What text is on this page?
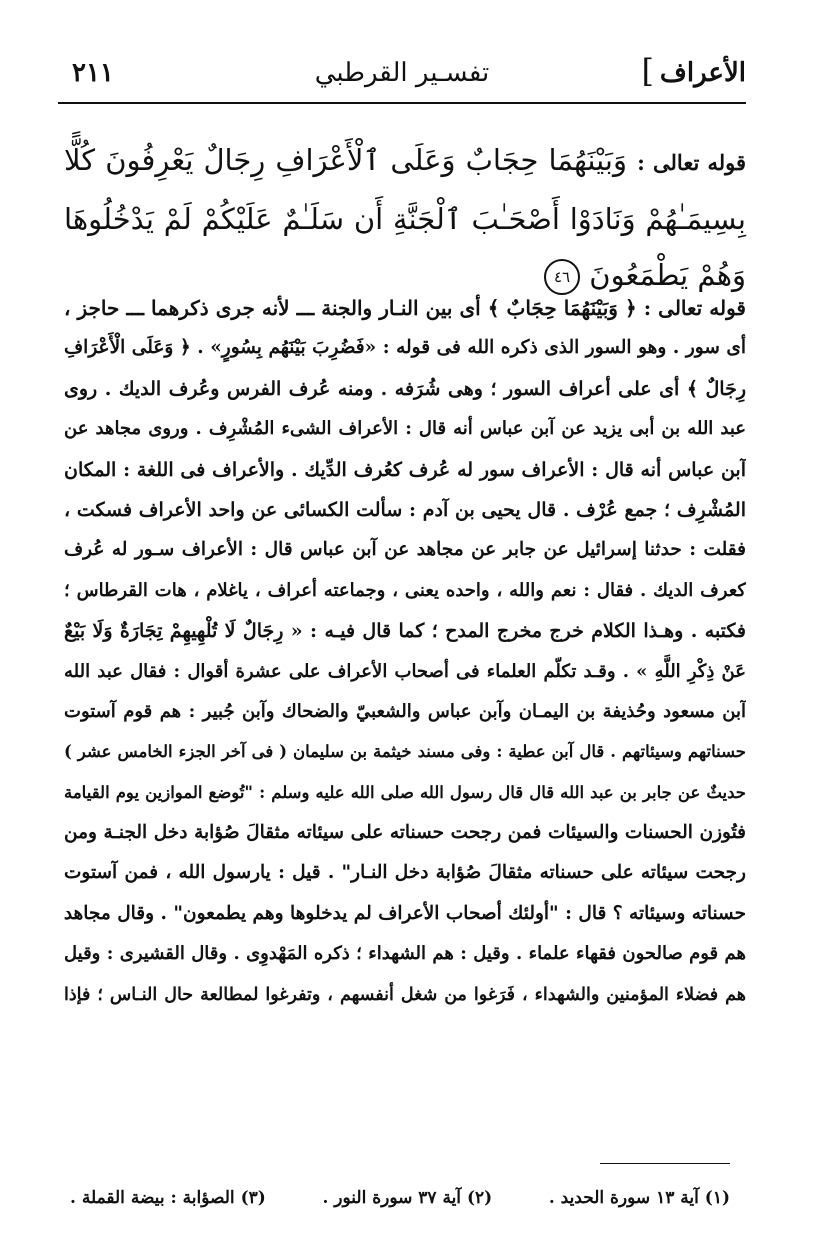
الأعراف
]
تفسـير القرطبي
٢١١
قوله تعالى : وَبَيْنَهُمَا حِجَابٌ وَعَلَى ٱلْأَعْرَافِ رِجَالٌ يَعْرِفُونَ كُلًّا بِسِيمَـٰهُمْ وَنَادَوْا أَصْحَـٰبَ ٱلْجَنَّةِ أَن سَلَـٰمٌ عَلَيْكُمْ لَمْ يَدْخُلُوهَا وَهُمْ يَطْمَعُونَ ٤٦
قوله تعالى : ﴿ وَبَيْنَهُمَا حِجَابٌ ﴾ أى بين النـار والجنة ـــ لأنه جرى ذكرهما ـــ حاجز ،
أى سور . وهو السور الذى ذكره الله فى قوله : «فَضُرِبَ بَيْنَهُم بِسُورٍ» . ﴿ وَعَلَى الْأَعْرَافِ
رِجَالٌ ﴾ أى على أعراف السور ؛ وهى شُرَفه . ومنه عُرف الفرس وعُرف الديك . روى
عبد الله بن أبى يزيد عن آبن عباس أنه قال : الأعراف الشىء المُشْرِف . وروى مجاهد عن
آبن عباس أنه قال : الأعراف سور له عُرف كعُرف الدِّيك . والأعراف فى اللغة : المكان
المُشْرِف ؛ جمع عُرْف . قال يحيى بن آدم : سألت الكسائى عن واحد الأعراف فسكت ،
فقلت : حدثنا إسرائيل عن جابر عن مجاهد عن آبن عباس قال : الأعراف سـور له عُرف
كعرف الديك . فقال : نعم والله ، واحده يعنى ، وجماعته أعراف ، ياغلام ، هات القرطاس ؛
فكتبه . وهـذا الكلام خرج مخرج المدح ؛ كما قال فيـه : « رِجَالٌ لَا تُلْهِيهِمْ تِجَارَةٌ وَلَا بَيْعٌ
عَنْ ذِكْرِ اللَّهِ » . وقـد تكلّم العلماء فى أصحاب الأعراف على عشرة أقوال : فقال عبد الله
آبن مسعود وحُذيفة بن اليمـان وآبن عباس والشعبيّ والضحاك وآبن جُبير : هم قوم آستوت
حسناتهم وسيئاتهم . قال آبن عطية : وفى مسند خيثمة بن سليمان ( فى آخر الجزء الخامس عشر )
حديثٌ عن جابر بن عبد الله قال قال رسول الله صلى الله عليه وسلم : "تُوضع الموازين يوم القيامة
فتُوزن الحسنات والسيئات فمن رجحت حسناته على سيئاته مثقالَ صُؤابة دخل الجنـة ومن
رجحت سيئاته على حسناته مثقالَ صُؤابة دخل النـار" . قيل : يارسول الله ، فمن آستوت
حسناته وسيئاته ؟ قال : "أولئك أصحاب الأعراف لم يدخلوها وهم يطمعون" . وقال مجاهد
هم قوم صالحون فقهاء علماء . وقيل : هم الشهداء ؛ ذكره المَهْدوِى . وقال القشيرى : وقيل
هم فضلاء المؤمنين والشهداء ، فَرَغوا من شغل أنفسهم ، وتفرغوا لمطالعة حال النـاس ؛ فإذا
(١) آية ١٣ سورة الحديد .
(٢) آية ٣٧ سورة النور .
(٣) الصؤابة : بيضة القملة .
